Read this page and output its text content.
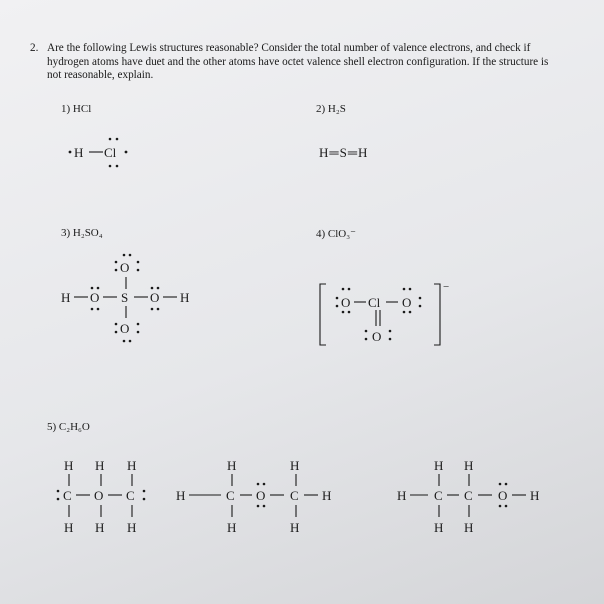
2. Are the following Lewis structures reasonable? Consider the total number of valence electrons, and check if hydrogen atoms have duet and the other atoms have octet valence shell electron configuration. If the structure is not reasonable, explain.
1) HCl	2) H₂S
3) H₂SO₄	4) ClO₃⁻
5) C₂H₆O
H Cl	H═S═H
O
H O S O H
O
−
O Cl O
O
H H H
C O C
H H H
H	H
H	C O C H
H	H
H H
H C C O H
H H
